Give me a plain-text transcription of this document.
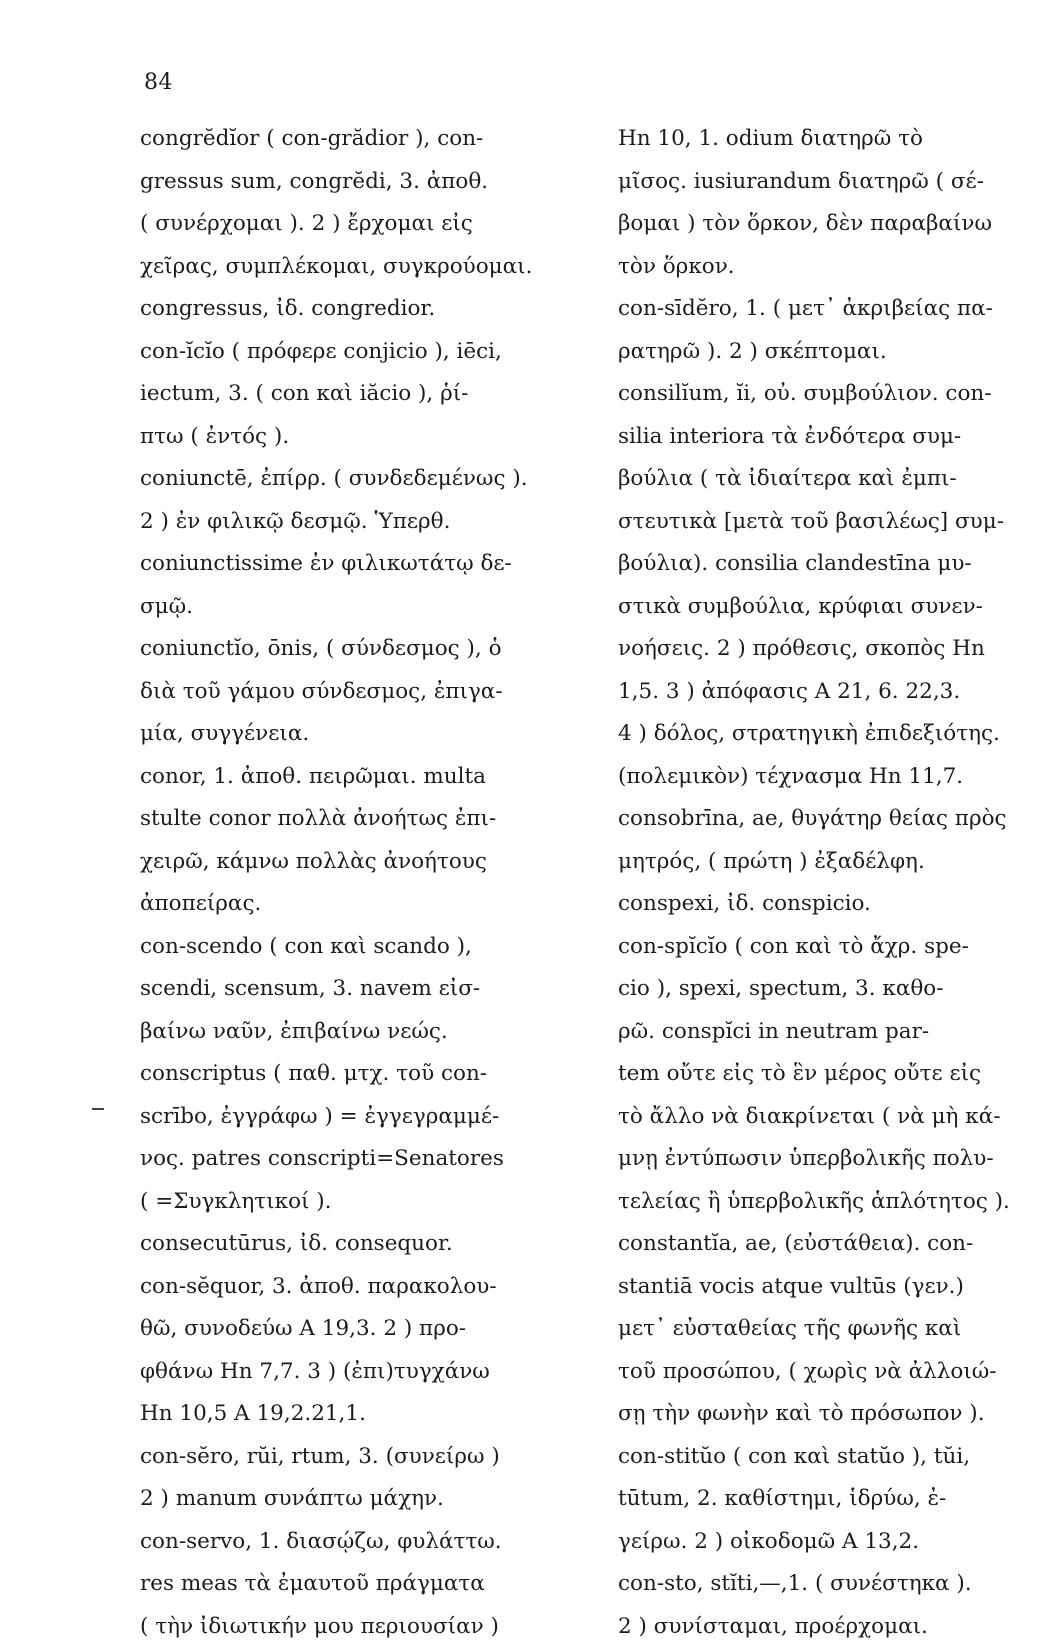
84
congrĕdĭor ( con-grădior ), con-
gressus sum, congrĕdi, 3. ἀποθ.
( συνέρχομαι ). 2 ) ἔρχομαι εἰς
χεῖρας, συμπλέκομαι, συγκρούομαι.
congressus, ἰδ. congredior.
con-ĭcĭo ( πρόφερε conjicio ), iēci,
iectum, 3. ( con καὶ iăcio ), ῥί-
πτω ( ἐντός ).
coniunctē, ἐπίρρ. ( συνδεδεμένως ).
2 ) ἐν φιλικῷ δεσμῷ. Ὑπερθ.
coniunctissime ἐν φιλικωτάτῳ δε-
σμῷ.
coniunctĭo, ōnis, ( σύνδεσμος ), ὁ
διὰ τοῦ γάμου σύνδεσμος, ἐπιγα-
μία, συγγένεια.
conor, 1. ἀποθ. πειρῶμαι. multa
stulte conor πολλὰ ἀνοήτως ἐπι-
χειρῶ, κάμνω πολλὰς ἀνοήτους
ἀποπείρας.
con-scendo ( con καὶ scando ),
scendi, scensum, 3. navem εἰσ-
βαίνω ναῦν, ἐπιβαίνω νεώς.
conscriptus ( παθ. μτχ. τοῦ con-
scrībo, ἐγγράφω ) = ἐγγεγραμμέ-
νος. patres conscripti=Senatores
( =Συγκλητικοί ).
consecutūrus, ἰδ. consequor.
con-sĕquor, 3. ἀποθ. παρακολου-
θῶ, συνοδεύω A 19,3. 2 ) προ-
φθάνω Hn 7,7. 3 ) (ἐπι)τυγχάνω
Hn 10,5 A 19,2.21,1.
con-sĕro, rŭi, rtum, 3. (συνείρω )
2 ) manum συνάπτω μάχην.
con-servo, 1. διασῴζω, φυλάττω.
res meas τὰ ἐμαυτοῦ πράγματα
( τὴν ἰδιωτικήν μου περιουσίαν )
Hn 10, 1. odium διατηρῶ τὸ
μῖσος. iusiurandum διατηρῶ ( σέ-
βομαι ) τὸν ὅρκον, δὲν παραβαίνω
τὸν ὅρκον.
con-sīdĕro, 1. ( μετ᾽ ἀκριβείας πα-
ρατηρῶ ). 2 ) σκέπτομαι.
consilĭum, ĭi, οὐ. συμβούλιον. con-
silia interiora τὰ ἐνδότερα συμ-
βούλια ( τὰ ἰδιαίτερα καὶ ἐμπι-
στευτικὰ [μετὰ τοῦ βασιλέως] συμ-
βούλια). consilia clandestīna μυ-
στικὰ συμβούλια, κρύφιαι συνεν-
νοήσεις. 2 ) πρόθεσις, σκοπὸς Hn
1,5. 3 ) ἀπόφασις A 21, 6. 22,3.
4 ) δόλος, στρατηγικὴ ἐπιδεξιότης.
(πολεμικὸν) τέχνασμα Hn 11,7.
consobrīna, ae, θυγάτηρ θείας πρὸς
μητρός, ( πρώτη ) ἐξαδέλφη.
conspexi, ἰδ. conspicio.
con-spĭcĭo ( con καὶ τὸ ἄχρ. spe-
cio ), spexi, spectum, 3. καθο-
ρῶ. conspĭci in neutram par-
tem οὔτε εἰς τὸ ἓν μέρος οὔτε εἰς
τὸ ἄλλο νὰ διακρίνεται ( νὰ μὴ κά-
μνῃ ἐντύπωσιν ὑπερβολικῆς πολυ-
τελείας ἢ ὑπερβολικῆς ἁπλότητος ).
constantĭa, ae, (εὐστάθεια). con-
stantiā vocis atque vultūs (γεν.)
μετ᾽ εὐσταθείας τῆς φωνῆς καὶ
τοῦ προσώπου, ( χωρὶς νὰ ἀλλοιώ-
σῃ τὴν φωνὴν καὶ τὸ πρόσωπον ).
con-stitŭo ( con καὶ statŭo ), tŭi,
tūtum, 2. καθίστημι, ἱδρύω, ἐ-
γείρω. 2 ) οἰκοδομῶ A 13,2.
con-sto, stĭti,—,1. ( συνέστηκα ).
2 ) συνίσταμαι, προέρχομαι.
